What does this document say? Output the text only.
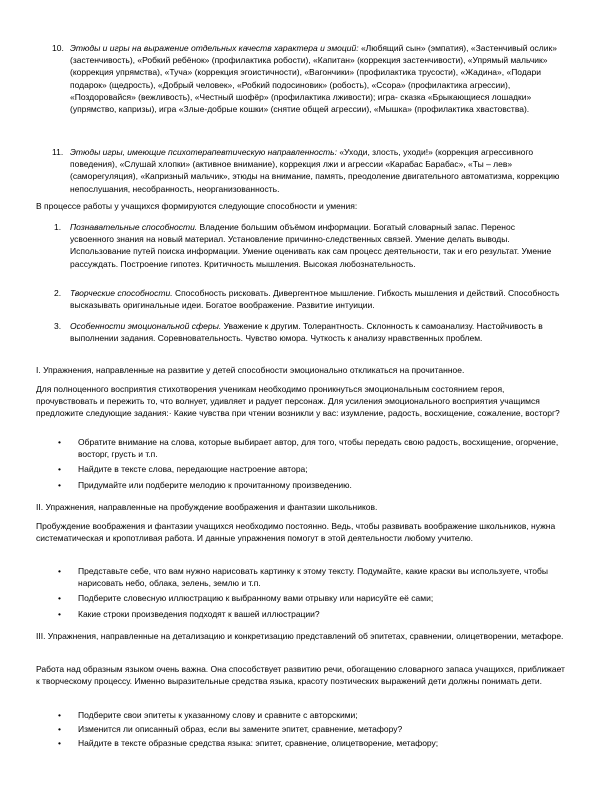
10. Этюды и игры на выражение отдельных качеств характера и эмоций: «Любящий сын» (эмпатия), «Застенчивый ослик» (застенчивость), «Робкий ребёнок» (профилактика робости), «Капитан» (коррекция застенчивости), «Упрямый мальчик» (коррекция упрямства), «Туча» (коррекция эгоистичности), «Вагончики» (профилактика трусости), «Жадина», «Подари подарок» (щедрость), «Добрый человек», «Робкий подосиновик» (робость), «Ссора» (профилактика агрессии), «Поздоровайся» (вежливость), «Честный шофёр» (профилактика лживости); игра- сказка «Брыкающиеся лошадки» (упрямство, капризы), игра «Злые-добрые кошки» (снятие общей агрессии), «Мышка» (профилактика хвастовства).

11. Этюды игры, имеющие психотерапевтическую направленность: «Уходи, злость, уходи!» (коррекция агрессивного поведения), «Слушай хлопки» (активное внимание), коррекция лжи и агрессии «Карабас Барабас», «Ты – лев» (саморегуляция), «Капризный мальчик», этюды на внимание, память, преодоление двигательного автоматизма, коррекцию непослушания, несобранность, неорганизованность.

В процессе работы у учащихся формируются следующие способности и умения:

1.	Познавательные способности. Владение большим объёмом информации. Богатый словарный запас. Перенос усвоенного знания на новый материал. Установление причинно-следственных связей. Умение делать выводы. Использование путей поиска информации. Умение оценивать как сам процесс деятельности, так и его результат. Умение рассуждать. Построение гипотез. Критичность мышления. Высокая любознательность.

2.	Творческие способности. Способность рисковать. Дивергентное мышление. Гибкость мышления и действий. Способность высказывать оригинальные идеи. Богатое воображение. Развитие интуиции.

3.	Особенности эмоциональной сферы. Уважение к другим. Толерантность. Склонность к самоанализу. Настойчивость в выполнении задания. Соревновательность. Чувство юмора. Чуткость к анализу нравственных проблем.

I. Упражнения, направленные на развитие у детей способности эмоционально откликаться на прочитанное.

Для полноценного восприятия стихотворения ученикам необходимо проникнуться эмоциональным состоянием героя, прочувствовать и пережить то, что волнует, удивляет и радует персонаж. Для усиления эмоционального восприятия учащимся предложите следующие задания:· Какие чувства при чтении возникли у вас: изумление, радость, восхищение, сожаление, восторг?

• Обратите внимание на слова, которые выбирает автор, для того, чтобы передать свою радость, восхищение, огорчение, восторг, грусть и т.п.

• Найдите в тексте слова, передающие настроение автора;

• Придумайте или подберите мелодию к прочитанному произведению.

II. Упражнения, направленные на пробуждение воображения и фантазии школьников.

Пробуждение воображения и фантазии учащихся необходимо постоянно. Ведь, чтобы развивать воображение школьников, нужна систематическая и кропотливая работа. И данные упражнения помогут в этой деятельности любому учителю.

• Представьте себе, что вам нужно нарисовать картинку к этому тексту. Подумайте, какие краски вы используете, чтобы нарисовать небо, облака, зелень, землю и т.п.

• Подберите словесную иллюстрацию к выбранному вами отрывку или нарисуйте её сами;

• Какие строки произведения подходят к вашей иллюстрации?

III. Упражнения, направленные на детализацию и конкретизацию представлений об эпитетах, сравнении, олицетворении, метафоре.

Работа над образным языком очень важна. Она способствует развитию речи, обогащению словарного запаса учащихся, приближает к творческому процессу. Именно выразительные средства языка, красоту поэтических выражений дети должны понимать дети.

• Подберите свои эпитеты к указанному слову и сравните с авторскими;

• Изменится ли описанный образ, если вы замените эпитет, сравнение, метафору?

• Найдите в тексте образные средства языка: эпитет, сравнение, олицетворение, метафору;
